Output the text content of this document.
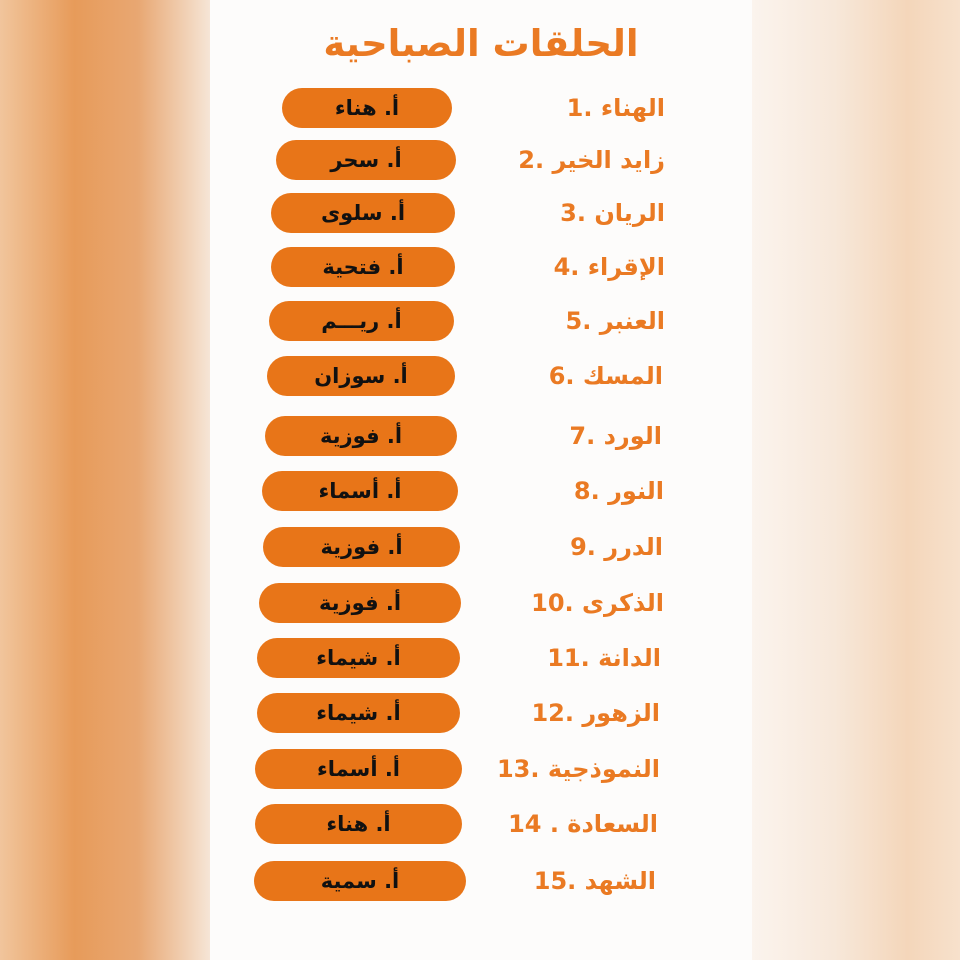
الحلقات الصباحية
1. الهناء
أ. هناء
2. زايد الخير
أ. سحر
3. الريان
أ. سلوى
4. الإقراء
أ. فتحية
5. العنبر
أ. ريـــم
6. المسك
أ. سوزان
7. الورد
أ. فوزية
8. النور
أ. أسماء
9. الدرر
أ. فوزية
10. الذكرى
أ. فوزية
11. الدانة
أ. شيماء
12. الزهور
أ. شيماء
13. النموذجية
أ. أسماء
14 . السعادة
أ. هناء
15. الشهد
أ. سمية
